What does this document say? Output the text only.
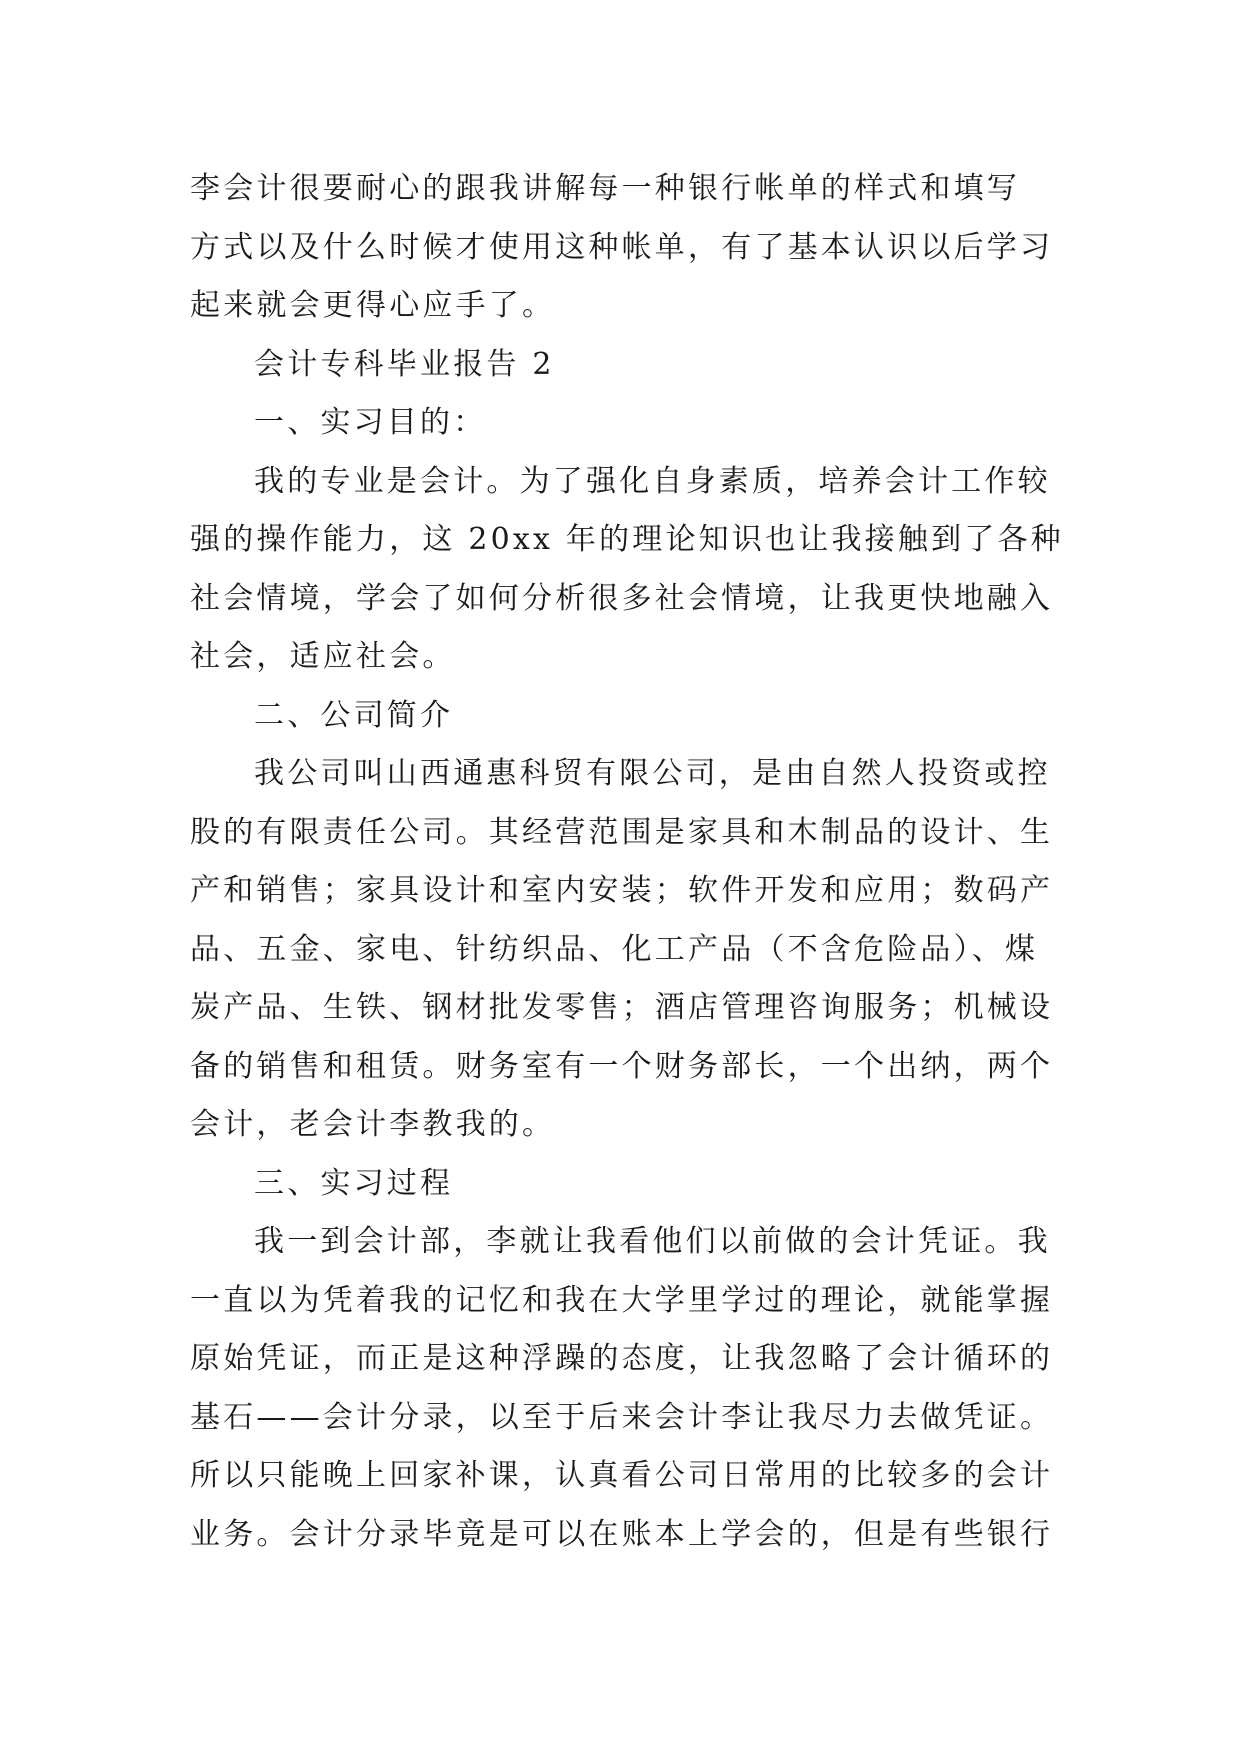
李会计很要耐心的跟我讲解每一种银行帐单的样式和填写
方式以及什么时候才使用这种帐单，有了基本认识以后学习
起来就会更得心应手了。
会计专科毕业报告 2
一、实习目的：
我的专业是会计。为了强化自身素质，培养会计工作较
强的操作能力，这 20xx 年的理论知识也让我接触到了各种
社会情境，学会了如何分析很多社会情境，让我更快地融入
社会，适应社会。
二、公司简介
我公司叫山西通惠科贸有限公司，是由自然人投资或控
股的有限责任公司。其经营范围是家具和木制品的设计、生
产和销售；家具设计和室内安装；软件开发和应用；数码产
品、五金、家电、针纺织品、化工产品（不含危险品）、煤
炭产品、生铁、钢材批发零售；酒店管理咨询服务；机械设
备的销售和租赁。财务室有一个财务部长，一个出纳，两个
会计，老会计李教我的。
三、实习过程
我一到会计部，李就让我看他们以前做的会计凭证。我
一直以为凭着我的记忆和我在大学里学过的理论，就能掌握
原始凭证，而正是这种浮躁的态度，让我忽略了会计循环的
基石——会计分录，以至于后来会计李让我尽力去做凭证。
所以只能晚上回家补课，认真看公司日常用的比较多的会计
业务。会计分录毕竟是可以在账本上学会的，但是有些银行
